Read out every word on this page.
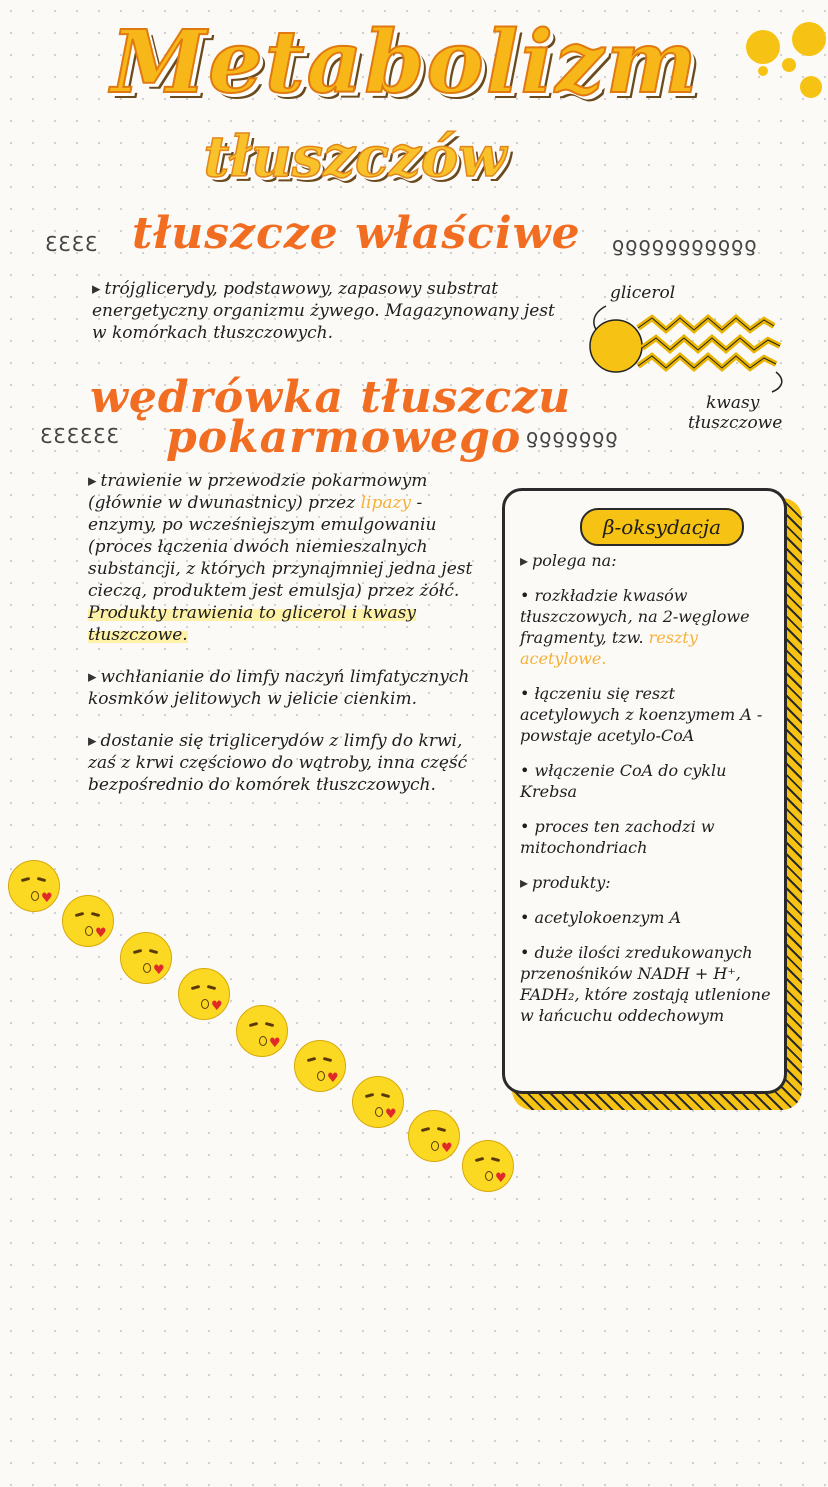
Metabolizm
tłuszczów
ƐƐƐƐ tłuszcze właściwe ƍƍƍƍƍƍƍƍƍƍƍ
▸ trójglicerydy, podstawowy, zapasowy substrat energetyczny organizmu żywego. Magazynowany jest w komórkach tłuszczowych.
glicerol
kwasy
tłuszczowe
wędrówka tłuszczu
ƐƐƐƐƐƐ pokarmowego ƍƍƍƍƍƍƍ

▸ trawienie w przewodzie pokarmowym (głównie w dwunastnicy) przez lipazy - enzymy, po wcześniejszym emulgowaniu (proces łączenia dwóch niemieszalnych substancji, z których przynajmniej jedna jest cieczą, produktem jest emulsja) przez żółć. Produkty trawienia to glicerol i kwasy tłuszczowe.

▸ wchłanianie do limfy naczyń limfatycznych kosmków jelitowych w jelicie cienkim.

▸ dostanie się triglicerydów z limfy do krwi, zaś z krwi częściowo do wątroby, inna część bezpośrednio do komórek tłuszczowych.

β-oksydacja

▸ polega na:

• rozkładzie kwasów tłuszczowych, na 2-węglowe fragmenty, tzw. reszty acetylowe.

• łączeniu się reszt acetylowych z koenzymem A - powstaje acetylo-CoA

• włączenie CoA do cyklu Krebsa

• proces ten zachodzi w mitochondriach

▸ produkty:

• acetylokoenzym A

• duże ilości zredukowanych przenośników NADH + H⁺, FADH₂, które zostają utlenione w łańcuchu oddechowym

♥
♥
♥
♥
♥
♥
♥
♥
♥
